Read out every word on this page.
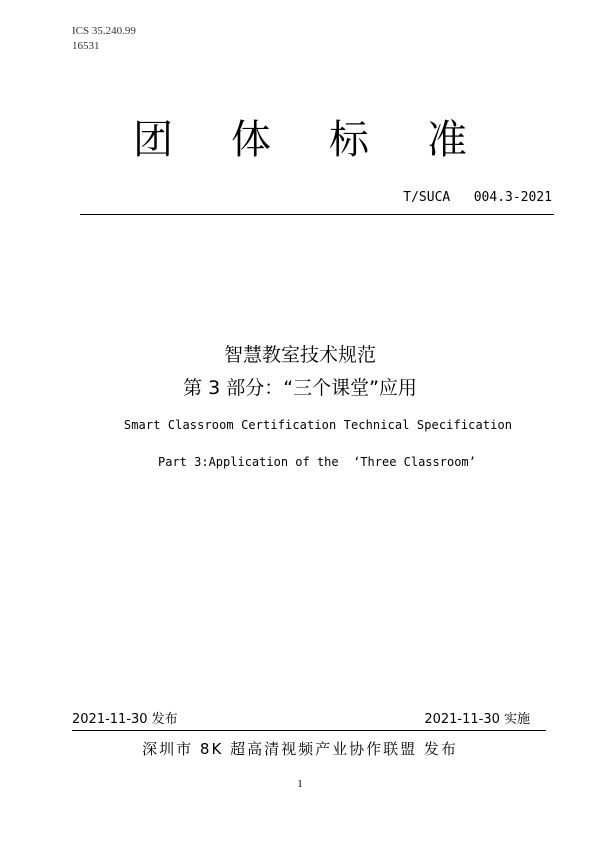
ICS 35.240.99
16531
团 体 标 准
T/SUCA   004.3-2021
智慧教室技术规范
第 3 部分：“三个课堂”应用
Smart Classroom Certification Technical Specification
Part 3:Application of the  ‘Three Classroom’
2021-11-30 发布	2021-11-30 实施
深圳市 8K 超高清视频产业协作联盟 发布
1
